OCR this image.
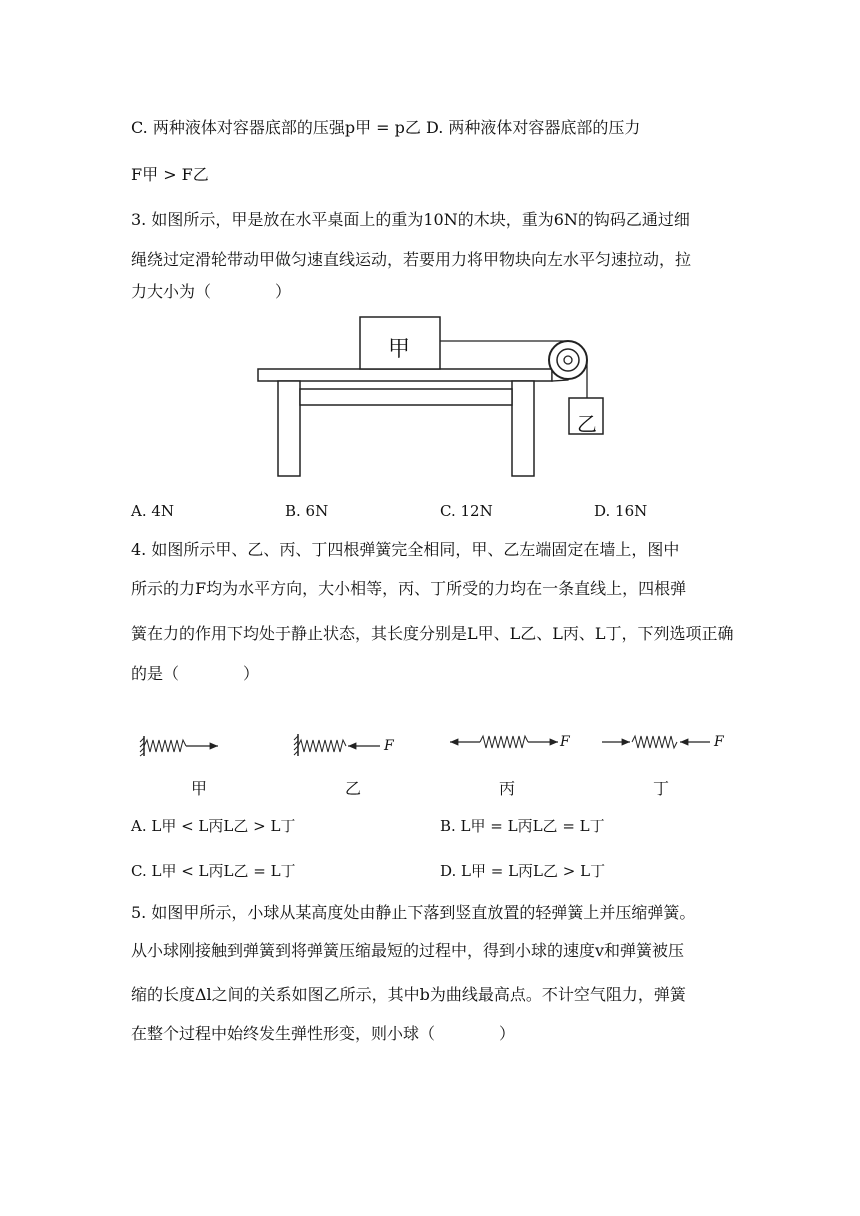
C. 两种液体对容器底部的压强p甲 = p乙 D. 两种液体对容器底部的压力
F甲 > F乙
3. 如图所示，甲是放在水平桌面上的重为10N的木块，重为6N的钩码乙通过细
绳绕过定滑轮带动甲做匀速直线运动，若要用力将甲物块向左水平匀速拉动，拉
力大小为（　　　　）
甲
乙
A. 4N	B. 6N	C. 12N	D. 16N
4. 如图所示甲、乙、丙、丁四根弹簧完全相同，甲、乙左端固定在墙上，图中
所示的力F均为水平方向，大小相等，丙、丁所受的力均在一条直线上，四根弹
簧在力的作用下均处于静止状态，其长度分别是L甲、L乙、L丙、L丁，下列选项正确
的是（　　　　）
F	F	F
甲	乙	丙	丁
A. L甲 < L丙L乙 > L丁	B. L甲 = L丙L乙 = L丁
C. L甲 < L丙L乙 = L丁	D. L甲 = L丙L乙 > L丁
5. 如图甲所示，小球从某高度处由静止下落到竖直放置的轻弹簧上并压缩弹簧。
从小球刚接触到弹簧到将弹簧压缩最短的过程中，得到小球的速度v和弹簧被压
缩的长度Δl之间的关系如图乙所示，其中b为曲线最高点。不计空气阻力，弹簧
在整个过程中始终发生弹性形变，则小球（　　　　）
